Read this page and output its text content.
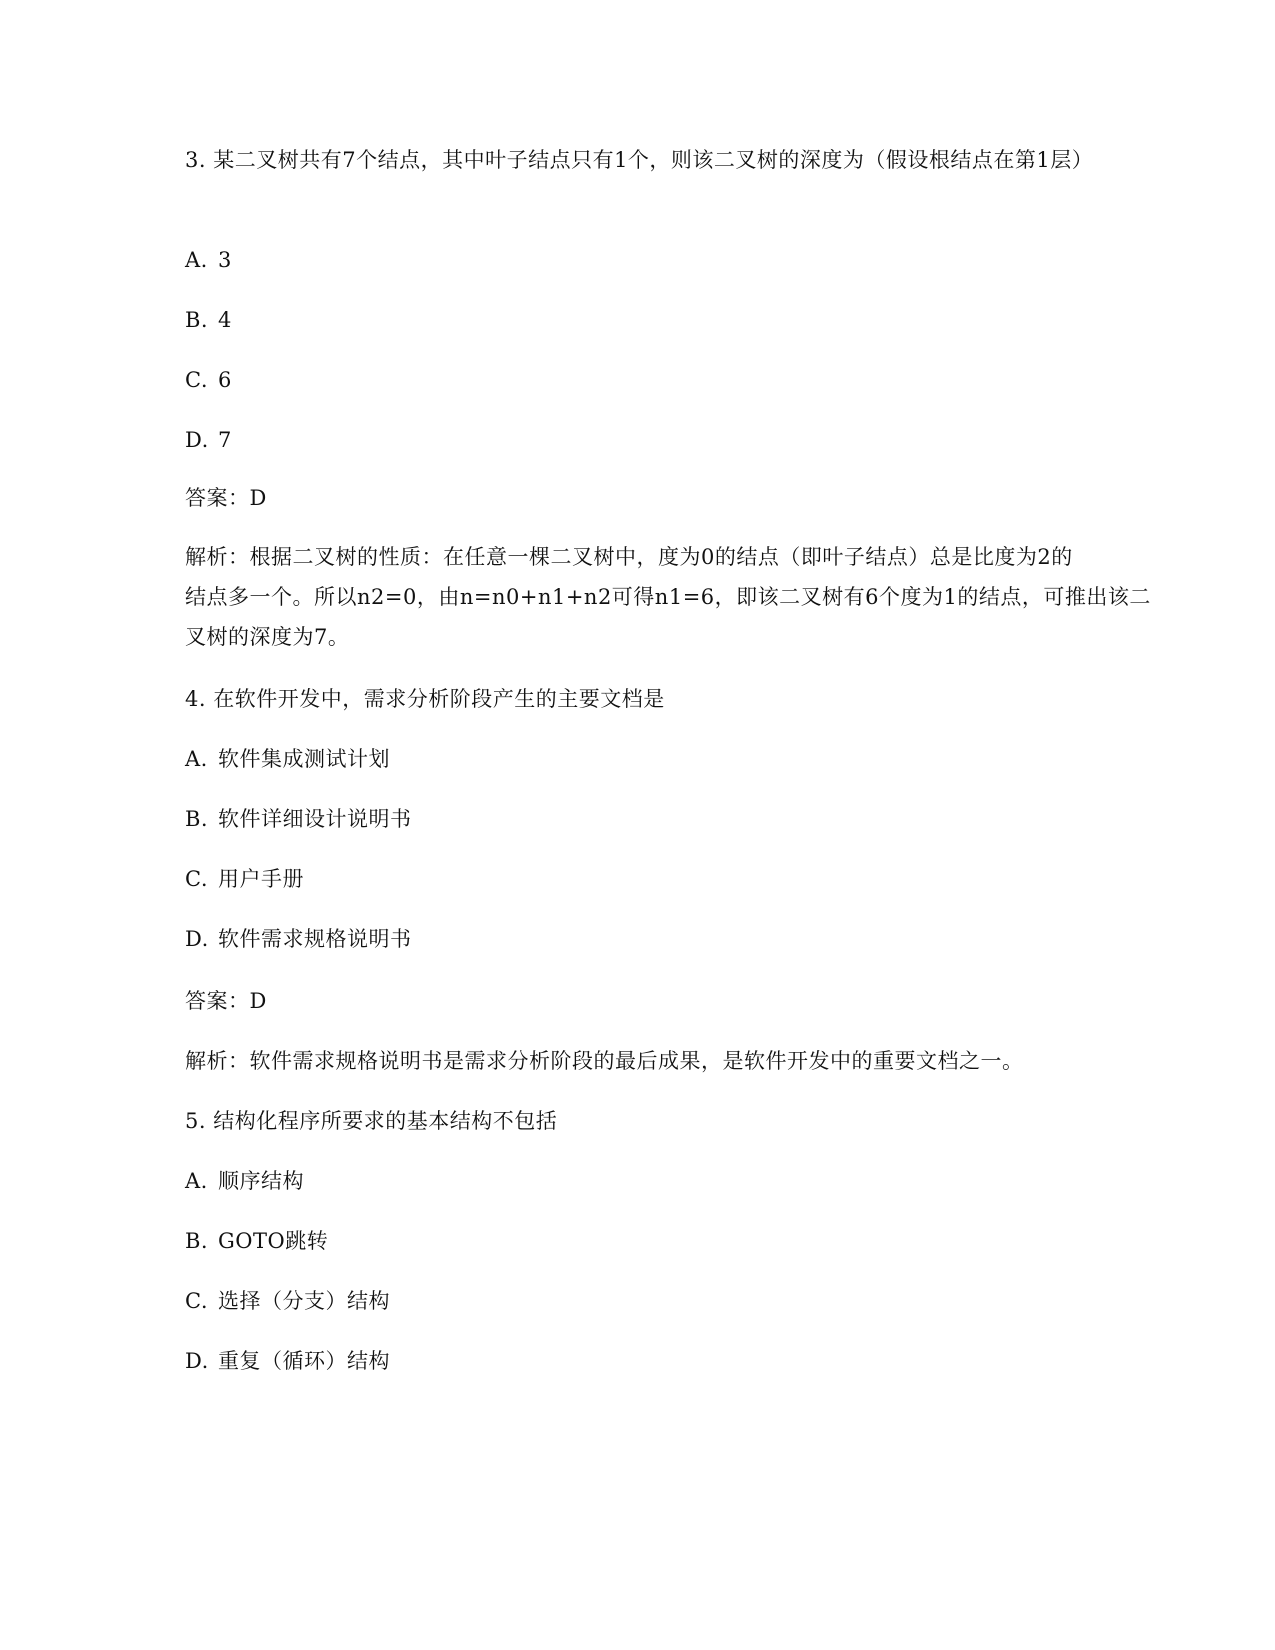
3. 某二叉树共有7个结点，其中叶子结点只有1个，则该二叉树的深度为（假设根结点在第1层）
A. 3
B. 4
C. 6
D. 7
答案：D
解析：根据二叉树的性质：在任意一棵二叉树中，度为0的结点（即叶子结点）总是比度为2的
结点多一个。所以n2=0，由n=n0+n1+n2可得n1=6，即该二叉树有6个度为1的结点，可推出该二
叉树的深度为7。
4. 在软件开发中，需求分析阶段产生的主要文档是
A. 软件集成测试计划
B. 软件详细设计说明书
C. 用户手册
D. 软件需求规格说明书
答案：D
解析：软件需求规格说明书是需求分析阶段的最后成果，是软件开发中的重要文档之一。
5. 结构化程序所要求的基本结构不包括
A. 顺序结构
B. GOTO跳转
C. 选择（分支）结构
D. 重复（循环）结构
